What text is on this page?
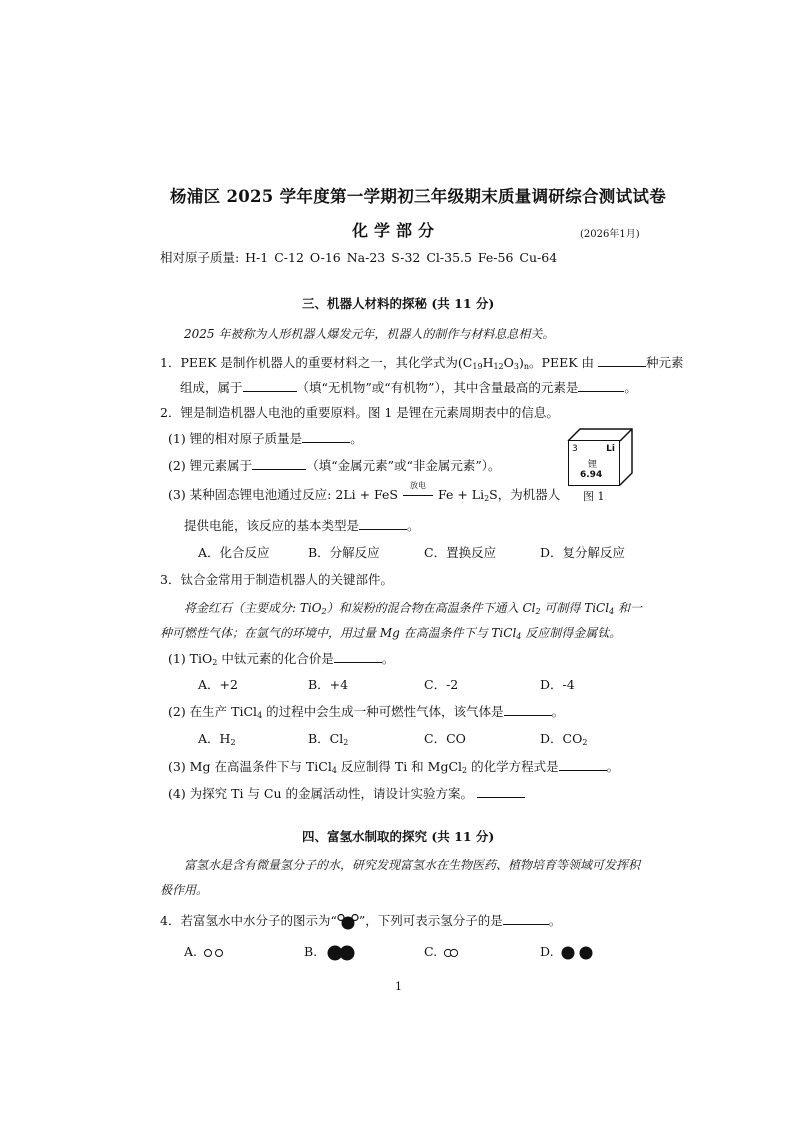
杨浦区 2025 学年度第一学期初三年级期末质量调研综合测试试卷
化学部分	(2026年1月)
相对原子质量: H-1 C-12 O-16 Na-23 S-32 Cl-35.5 Fe-56 Cu-64
三、机器人材料的探秘 (共 11 分)
2025 年被称为人形机器人爆发元年，机器人的制作与材料息息相关。
1．PEEK 是制作机器人的重要材料之一，其化学式为$(C_{19}H_{12}O_3)_n$。PEEK 由	种元素
组成，属于	（填“无机物”或“有机物”），其中含量最高的元素是	。
2．锂是制造机器人电池的重要原料。图 1 是锂在元素周期表中的信息。
(1) 锂的相对原子质量是	。
(2) 锂元素属于	（填“金属元素”或“非金属元素”）。
3	Li
锂
6.94
图 1
(3) 某种固态锂电池通过反应: 2Li + FeS
放电
$Fe + Li_2S$，为机器人
提供电能，该反应的基本类型是	。
A．化合反应	B．分解反应	C．置换反应	D．复分解反应
3．钛合金常用于制造机器人的关键部件。
将金红石（主要成分: TiO$_2$）和炭粉的混合物在高温条件下通入 $Cl_2$ 可制得 TiCl$_4$ 和一
种可燃性气体；在氩气的环境中，用过量 Mg 在高温条件下与 TiCl$_4$ 反应制得金属钛。
(1) TiO$_2$ 中钛元素的化合价是	。
A．+2	B．+4	C．-2	D．-4
(2) 在生产 TiCl$_4$ 的过程中会生成一种可燃性气体，该气体是	。
A．$H_2$	B．$Cl_2$	C．CO	D．$CO_2$
(3) Mg 在高温条件下与 TiCl$_4$ 反应制得 Ti 和 MgCl$_2$ 的化学方程式是	。
(4) 为探究 Ti 与 Cu 的金属活动性，请设计实验方案。
四、富氢水制取的探究 (共 11 分)
富氢水是含有微量氢分子的水，研究发现富氢水在生物医药、植物培育等领域可发挥积
极作用。
4．若富氢水中水分子的图示为“ ”，下列可表示氢分子的是	。
A.	B.	C.	D.
1
